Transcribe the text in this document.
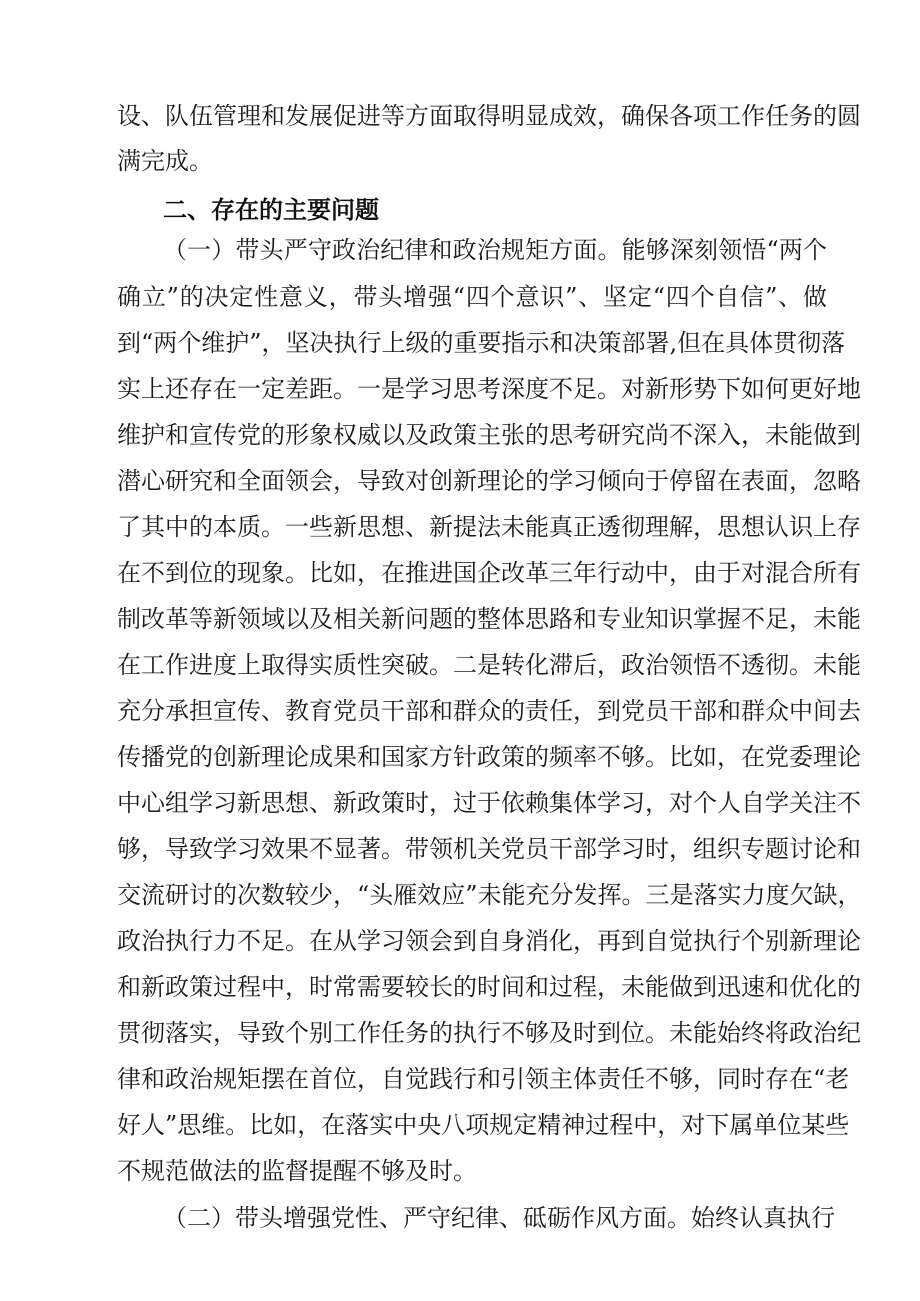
设、队伍管理和发展促进等方面取得明显成效，确保各项工作任务的圆
满完成。
二、存在的主要问题
（一）带头严守政治纪律和政治规矩方面。能够深刻领悟“两个
确立”的决定性意义，带头增强“四个意识”、坚定“四个自信”、做
到“两个维护”，坚决执行上级的重要指示和决策部署,但在具体贯彻落
实上还存在一定差距。一是学习思考深度不足。对新形势下如何更好地
维护和宣传党的形象权威以及政策主张的思考研究尚不深入，未能做到
潜心研究和全面领会，导致对创新理论的学习倾向于停留在表面，忽略
了其中的本质。一些新思想、新提法未能真正透彻理解，思想认识上存
在不到位的现象。比如，在推进国企改革三年行动中，由于对混合所有
制改革等新领域以及相关新问题的整体思路和专业知识掌握不足，未能
在工作进度上取得实质性突破。二是转化滞后，政治领悟不透彻。未能
充分承担宣传、教育党员干部和群众的责任，到党员干部和群众中间去
传播党的创新理论成果和国家方针政策的频率不够。比如，在党委理论
中心组学习新思想、新政策时，过于依赖集体学习，对个人自学关注不
够，导致学习效果不显著。带领机关党员干部学习时，组织专题讨论和
交流研讨的次数较少，“头雁效应”未能充分发挥。三是落实力度欠缺，
政治执行力不足。在从学习领会到自身消化，再到自觉执行个别新理论
和新政策过程中，时常需要较长的时间和过程，未能做到迅速和优化的
贯彻落实，导致个别工作任务的执行不够及时到位。未能始终将政治纪
律和政治规矩摆在首位，自觉践行和引领主体责任不够，同时存在“老
好人”思维。比如，在落实中央八项规定精神过程中，对下属单位某些
不规范做法的监督提醒不够及时。
（二）带头增强党性、严守纪律、砥砺作风方面。始终认真执行
